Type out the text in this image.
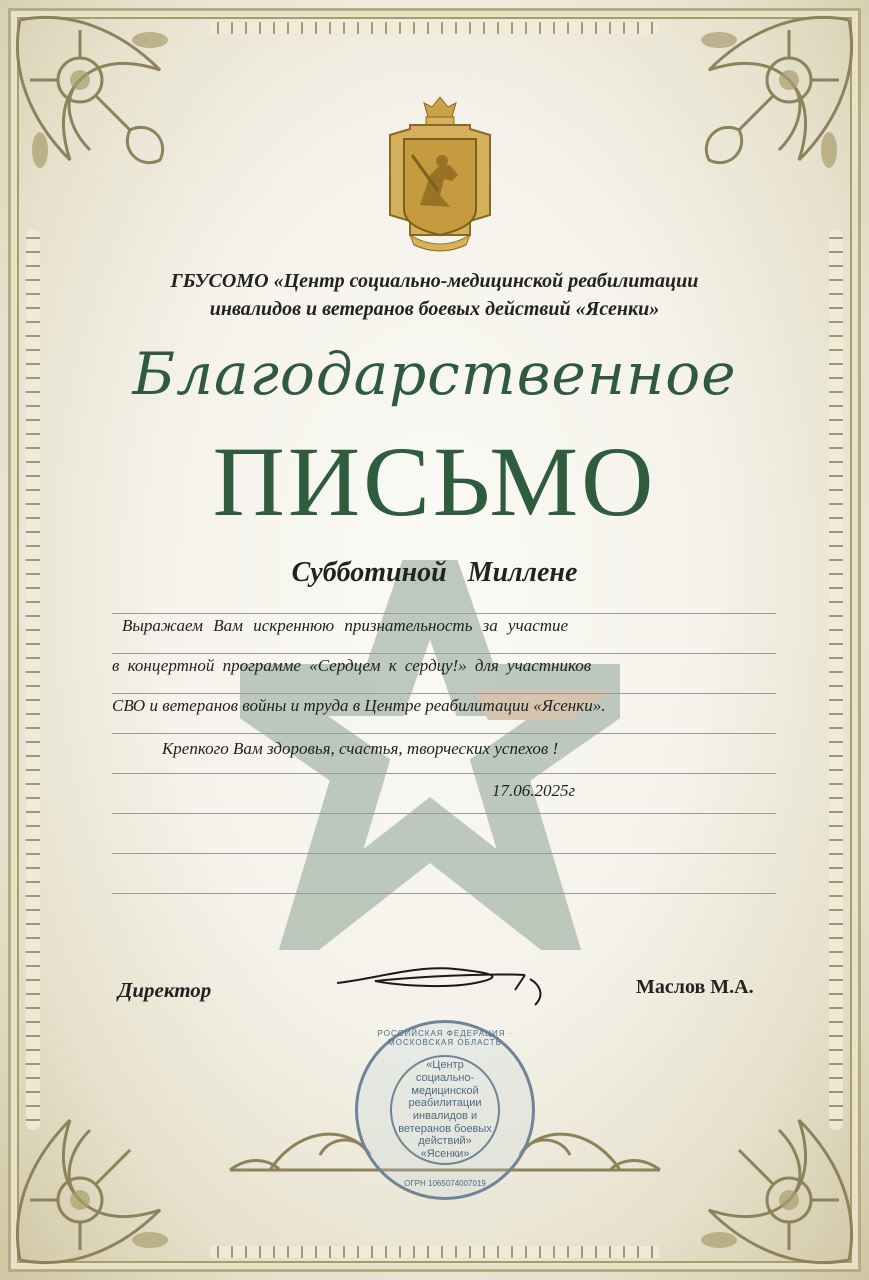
ГБУСОМО «Центр социально-медицинской реабилитации
инвалидов и ветеранов боевых действий «Ясенки»
Благодарственное
ПИСЬМО
Субботиной Миллене
Выражаем Вам искреннюю признательность за участие
в концертной программе «Сердцем к сердцу!» для участников
СВО и ветеранов войны и труда в Центре реабилитации «Ясенки».
Крепкого Вам здоровья, счастья, творческих успехов !
17.06.2025г
Директор	Маслов М.А.
РОССИЙСКАЯ ФЕДЕРАЦИЯ · МОСКОВСКАЯ ОБЛАСТЬ
«Центр социально-медицинской реабилитации инвалидов и ветеранов боевых действий» «Ясенки»
ОГРН 1065074007019
